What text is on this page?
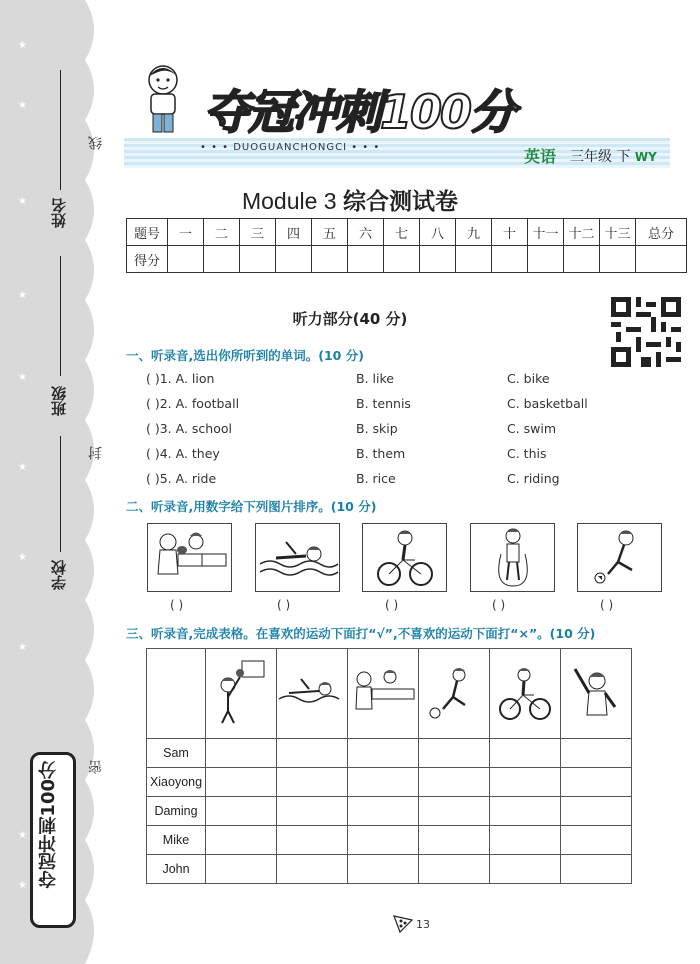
★
★
★
★
★
★
★
★
★
★
姓名
班级
学校
线
封
密
夺冠冲刺100分
夺冠冲刺100分
• • • DUOGUANCHONGCI • • •	英语 三年级 下 WY
Module 3 综合测试卷
题号	一	二	三	四	五	六	七	八	九	十	十一	十二	十三	总分
得分														
听力部分(40 分)
一、听录音,选出你所听到的单词。(10 分)
( )1. A. lion	B. like	C. bike
( )2. A. football	B. tennis	C. basketball
( )3. A. school	B. skip	C. swim
( )4. A. they	B. them	C. this
( )5. A. ride	B. rice	C. riding
二、听录音,用数字给下列图片排序。(10 分)
( )	( )	( )	( )	( )
三、听录音,完成表格。在喜欢的运动下面打“√”,不喜欢的运动下面打“×”。(10 分)

Sam						
Xiaoyong						
Daming						
Mike						
John						
13
